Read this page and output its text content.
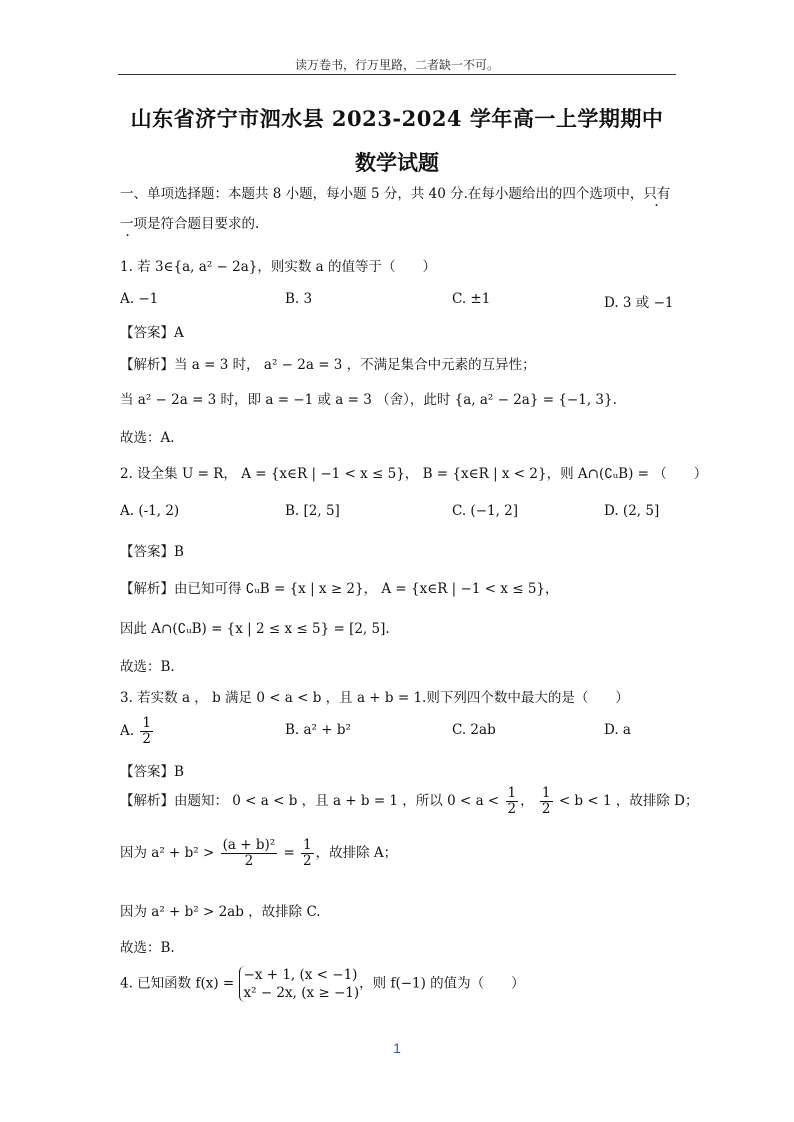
读万卷书，行万里路，二者缺一不可。
山东省济宁市泗水县 2023-2024 学年高一上学期期中
数学试题
一、单项选择题：本题共 8 小题，每小题 5 分，共 40 分.在每小题给出的四个选项中，只有
一项是符合题目要求的.
1. 若 3∈{a, a² − 2a}，则实数 a 的值等于（　　）
A. −1	B. 3	C. ±1	D. 3 或 −1
【答案】A
【解析】当 a = 3 时， a² − 2a = 3 ，不满足集合中元素的互异性；
当 a² − 2a = 3 时，即 a = −1 或 a = 3 （舍），此时 {a, a² − 2a} = {−1, 3}.
故选：A.
2. 设全集 U = R， A = {x∈R | −1 < x ≤ 5}， B = {x∈R | x < 2}，则 A∩(∁ᵤB) = （　　）
A. (‑1, 2)	B. [2, 5]	C. (−1, 2]	D. (2, 5]
【答案】B
【解析】由已知可得 ∁ᵤB = {x | x ≥ 2}， A = {x∈R | −1 < x ≤ 5}，
因此 A∩(∁ᵤB) = {x | 2 ≤ x ≤ 5} = [2, 5].
故选：B.
3. 若实数 a ， b 满足 0 < a < b ，且 a + b = 1.则下列四个数中最大的是（　　）
A. $\frac{1}{2}$	B. a² + b²	C. 2ab	D. a
【答案】B
【解析】由题知： 0 < a < b ，且 a + b = 1 ，所以 $0 < a < \frac{1}{2}$ ， $\frac{1}{2} < b < 1$ ，故排除 D；
因为 $a^2 + b^2 > \frac{\text{(a + b)²}}{2} = \frac{1}{2}$ ，故排除 A；
因为 a² + b² > 2ab ，故排除 C.
故选：B.
4. 已知函数 f(x) =
−x + 1, (x < −1)
x² − 2x, (x ≥ −1)
，则 f(−1) 的值为（　　）
1
